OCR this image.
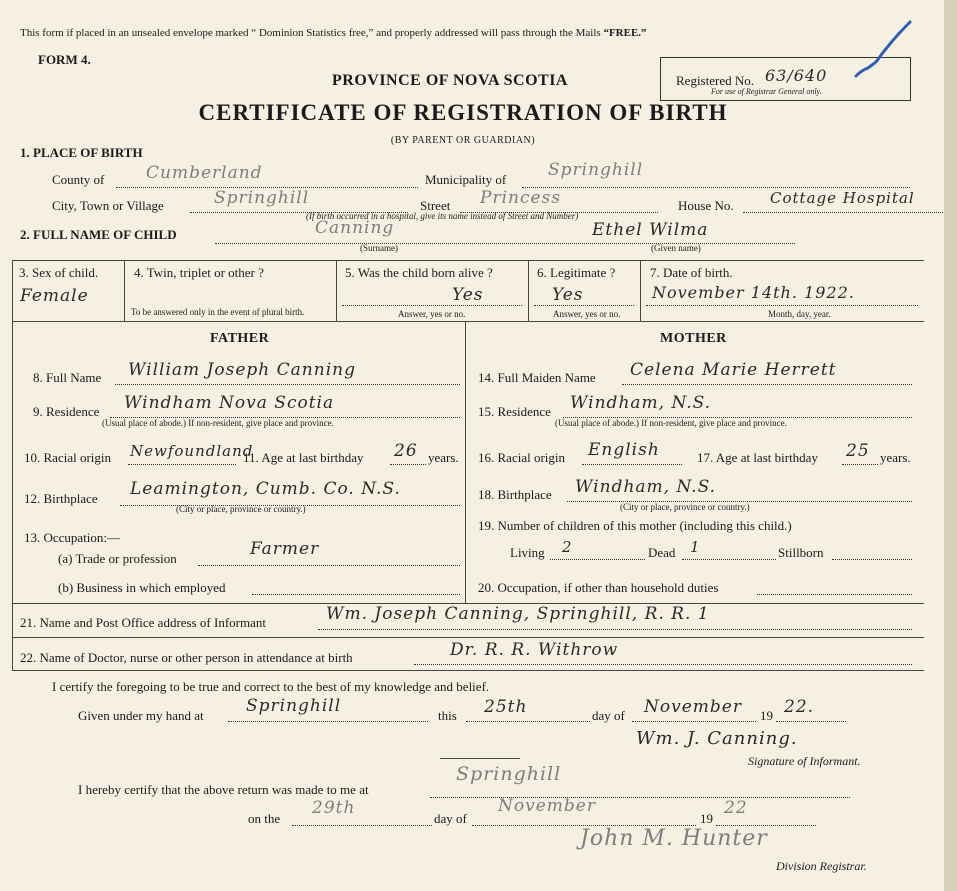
This form if placed in an unsealed envelope marked “ Dominion Statistics free,” and properly addressed will pass through the Mails “FREE.”
FORM 4.
PROVINCE OF NOVA SCOTIA
CERTIFICATE OF REGISTRATION OF BIRTH
(BY PARENT OR GUARDIAN)
Registered No. 63/640
For use of Registrar General only.
1. PLACE OF BIRTH
County of Cumberland	Municipality of Springhill
City, Town or Village	Springhill	Street Princess	House No. Cottage Hospital
(If birth occurred in a hospital, give its name instead of Street and Number)
2. FULL NAME OF CHILD	Canning
(Surname)
Ethel Wilma
(Given name)
3. Sex of child.
Female
4. Twin, triplet or other ?
To be answered only in the event of plural birth.
5. Was the child born alive ?
Yes
Answer, yes or no.
6. Legitimate ?
Yes
Answer, yes or no.
7. Date of birth.
November 14th. 1922.
Month, day, year.
FATHER	MOTHER
8. Full Name William Joseph Canning
9. Residence Windham Nova Scotia
(Usual place of abode.) If non-resident, give place and province.
10. Racial origin Newfoundland
11. Age at last birthday 26 years.
12. Birthplace Leamington, Cumb. Co. N.S.
(City or place, province or country.)
13. Occupation:—
(a) Trade or profession	Farmer
(b) Business in which employed
14. Full Maiden Name Celena Marie Herrett
15. Residence Windham, N.S.
(Usual place of abode.) If non-resident, give place and province.
16. Racial origin English	17. Age at last birthday 25 years.
18. Birthplace Windham, N.S.
(City or place, province or country.)
19. Number of children of this mother (including this child.)
Living 2	Dead 1	Stillborn
20. Occupation, if other than household duties
21. Name and Post Office address of Informant	Wm. Joseph Canning, Springhill, R. R. 1
22. Name of Doctor, nurse or other person in attendance at birth	Dr. R. R. Withrow
I certify the foregoing to be true and correct to the best of my knowledge and belief.
Given under my hand at Springhill	this 25th	day of November 19 22.
Wm. J. Canning.
Signature of Informant.
I hereby certify that the above return was made to me at
Springhill
on the
29th
day of
November
19
22
John M. Hunter
Division Registrar.
